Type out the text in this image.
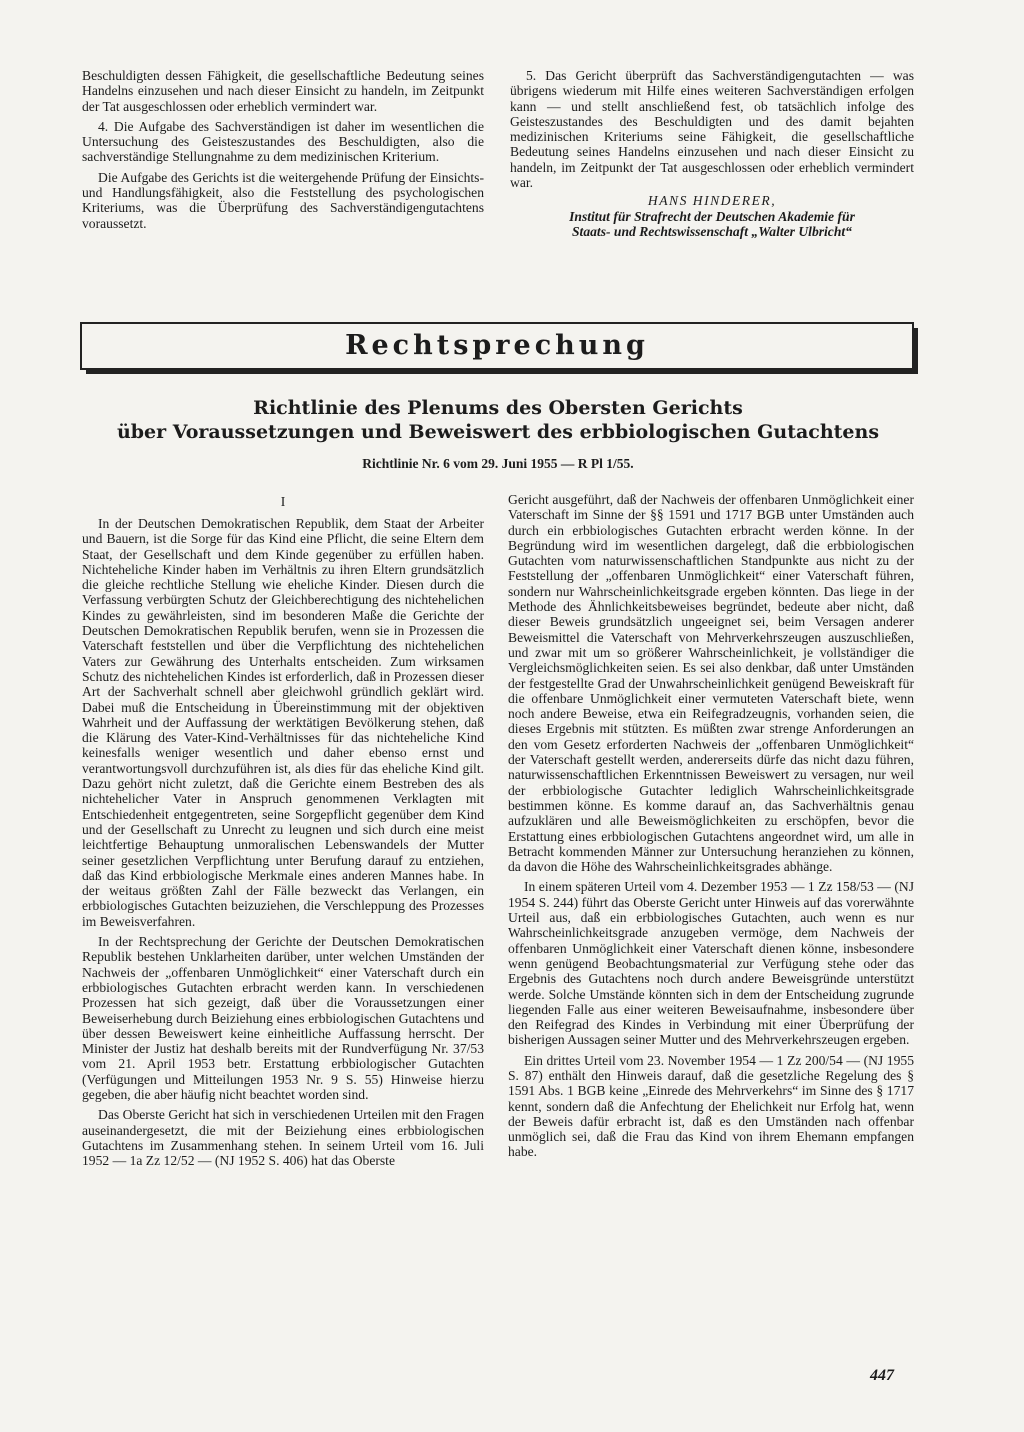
Beschuldigten dessen Fähigkeit, die gesellschaftliche Bedeutung seines Handelns einzusehen und nach dieser Einsicht zu handeln, im Zeitpunkt der Tat ausgeschlossen oder erheblich vermindert war.

4. Die Aufgabe des Sachverständigen ist daher im wesentlichen die Untersuchung des Geisteszustandes des Beschuldigten, also die sachverständige Stellungnahme zu dem medizinischen Kriterium.

Die Aufgabe des Gerichts ist die weitergehende Prüfung der Einsichts- und Handlungsfähigkeit, also die Feststellung des psychologischen Kriteriums, was die Überprüfung des Sachverständigengutachtens voraussetzt.

5. Das Gericht überprüft das Sachverständigengutachten — was übrigens wiederum mit Hilfe eines weiteren Sachverständigen erfolgen kann — und stellt anschließend fest, ob tatsächlich infolge des Geisteszustandes des Beschuldigten und des damit bejahten medizinischen Kriteriums seine Fähigkeit, die gesellschaftliche Bedeutung seines Handelns einzusehen und nach dieser Einsicht zu handeln, im Zeitpunkt der Tat ausgeschlossen oder erheblich vermindert war.

HANS HINDERER,
Institut für Strafrecht der Deutschen Akademie für
Staats- und Rechtswissenschaft „Walter Ulbricht“
Rechtsprechung
Richtlinie des Plenums des Obersten Gerichts
über Voraussetzungen und Beweiswert des erbbiologischen Gutachtens
Richtlinie Nr. 6 vom 29. Juni 1955 — R Pl 1/55.
I

In der Deutschen Demokratischen Republik, dem Staat der Arbeiter und Bauern, ist die Sorge für das Kind eine Pflicht, die seine Eltern dem Staat, der Gesellschaft und dem Kinde gegenüber zu erfüllen haben. Nichteheliche Kinder haben im Verhältnis zu ihren Eltern grundsätzlich die gleiche rechtliche Stellung wie eheliche Kinder. Diesen durch die Verfassung verbürgten Schutz der Gleichberechtigung des nichtehelichen Kindes zu gewährleisten, sind im besonderen Maße die Gerichte der Deutschen Demokratischen Republik berufen, wenn sie in Prozessen die Vaterschaft feststellen und über die Verpflichtung des nichtehelichen Vaters zur Gewährung des Unterhalts entscheiden. Zum wirksamen Schutz des nichtehelichen Kindes ist erforderlich, daß in Prozessen dieser Art der Sachverhalt schnell aber gleichwohl gründlich geklärt wird. Dabei muß die Entscheidung in Übereinstimmung mit der objektiven Wahrheit und der Auffassung der werktätigen Bevölkerung stehen, daß die Klärung des Vater-Kind-Verhältnisses für das nichteheliche Kind keinesfalls weniger wesentlich und daher ebenso ernst und verantwortungsvoll durchzuführen ist, als dies für das eheliche Kind gilt. Dazu gehört nicht zuletzt, daß die Gerichte einem Bestreben des als nichtehelicher Vater in Anspruch genommenen Verklagten mit Entschiedenheit entgegentreten, seine Sorgepflicht gegenüber dem Kind und der Gesellschaft zu Unrecht zu leugnen und sich durch eine meist leichtfertige Behauptung unmoralischen Lebenswandels der Mutter seiner gesetzlichen Verpflichtung unter Berufung darauf zu entziehen, daß das Kind erbbiologische Merkmale eines anderen Mannes habe. In der weitaus größten Zahl der Fälle bezweckt das Verlangen, ein erbbiologisches Gutachten beizuziehen, die Verschleppung des Prozesses im Beweisverfahren.

In der Rechtsprechung der Gerichte der Deutschen Demokratischen Republik bestehen Unklarheiten darüber, unter welchen Umständen der Nachweis der „offenbaren Unmöglichkeit“ einer Vaterschaft durch ein erbbiologisches Gutachten erbracht werden kann. In verschiedenen Prozessen hat sich gezeigt, daß über die Voraussetzungen einer Beweiserhebung durch Beiziehung eines erbbiologischen Gutachtens und über dessen Beweiswert keine einheitliche Auffassung herrscht. Der Minister der Justiz hat deshalb bereits mit der Rundverfügung Nr. 37/53 vom 21. April 1953 betr. Erstattung erbbiologischer Gutachten (Verfügungen und Mitteilungen 1953 Nr. 9 S. 55) Hinweise hierzu gegeben, die aber häufig nicht beachtet worden sind.

Das Oberste Gericht hat sich in verschiedenen Urteilen mit den Fragen auseinandergesetzt, die mit der Beiziehung eines erbbiologischen Gutachtens im Zusammenhang stehen. In seinem Urteil vom 16. Juli 1952 — 1a Zz 12/52 — (NJ 1952 S. 406) hat das Oberste

Gericht ausgeführt, daß der Nachweis der offenbaren Unmöglichkeit einer Vaterschaft im Sinne der §§ 1591 und 1717 BGB unter Umständen auch durch ein erbbiologisches Gutachten erbracht werden könne. In der Begründung wird im wesentlichen dargelegt, daß die erbbiologischen Gutachten vom naturwissenschaftlichen Standpunkte aus nicht zu der Feststellung der „offenbaren Unmöglichkeit“ einer Vaterschaft führen, sondern nur Wahrscheinlichkeitsgrade ergeben könnten. Das liege in der Methode des Ähnlichkeitsbeweises begründet, bedeute aber nicht, daß dieser Beweis grundsätzlich ungeeignet sei, beim Versagen anderer Beweismittel die Vaterschaft von Mehrverkehrszeugen auszuschließen, und zwar mit um so größerer Wahrscheinlichkeit, je vollständiger die Vergleichsmöglichkeiten seien. Es sei also denkbar, daß unter Umständen der festgestellte Grad der Unwahrscheinlichkeit genügend Beweiskraft für die offenbare Unmöglichkeit einer vermuteten Vaterschaft biete, wenn noch andere Beweise, etwa ein Reifegradzeugnis, vorhanden seien, die dieses Ergebnis mit stützten. Es müßten zwar strenge Anforderungen an den vom Gesetz erforderten Nachweis der „offenbaren Unmöglichkeit“ der Vaterschaft gestellt werden, andererseits dürfe das nicht dazu führen, naturwissenschaftlichen Erkenntnissen Beweiswert zu versagen, nur weil der erbbiologische Gutachter lediglich Wahrscheinlichkeitsgrade bestimmen könne. Es komme darauf an, das Sachverhältnis genau aufzuklären und alle Beweismöglichkeiten zu erschöpfen, bevor die Erstattung eines erbbiologischen Gutachtens angeordnet wird, um alle in Betracht kommenden Männer zur Untersuchung heranziehen zu können, da davon die Höhe des Wahrscheinlichkeitsgrades abhänge.

In einem späteren Urteil vom 4. Dezember 1953 — 1 Zz 158/53 — (NJ 1954 S. 244) führt das Oberste Gericht unter Hinweis auf das vorerwähnte Urteil aus, daß ein erbbiologisches Gutachten, auch wenn es nur Wahrscheinlichkeitsgrade anzugeben vermöge, dem Nachweis der offenbaren Unmöglichkeit einer Vaterschaft dienen könne, insbesondere wenn genügend Beobachtungsmaterial zur Verfügung stehe oder das Ergebnis des Gutachtens noch durch andere Beweisgründe unterstützt werde. Solche Umstände könnten sich in dem der Entscheidung zugrunde liegenden Falle aus einer weiteren Beweisaufnahme, insbesondere über den Reifegrad des Kindes in Verbindung mit einer Überprüfung der bisherigen Aussagen seiner Mutter und des Mehrverkehrszeugen ergeben.

Ein drittes Urteil vom 23. November 1954 — 1 Zz 200/54 — (NJ 1955 S. 87) enthält den Hinweis darauf, daß die gesetzliche Regelung des § 1591 Abs. 1 BGB keine „Einrede des Mehrverkehrs“ im Sinne des § 1717 kennt, sondern daß die Anfechtung der Ehelichkeit nur Erfolg hat, wenn der Beweis dafür erbracht ist, daß es den Umständen nach offenbar unmöglich sei, daß die Frau das Kind von ihrem Ehemann empfangen habe.

447
